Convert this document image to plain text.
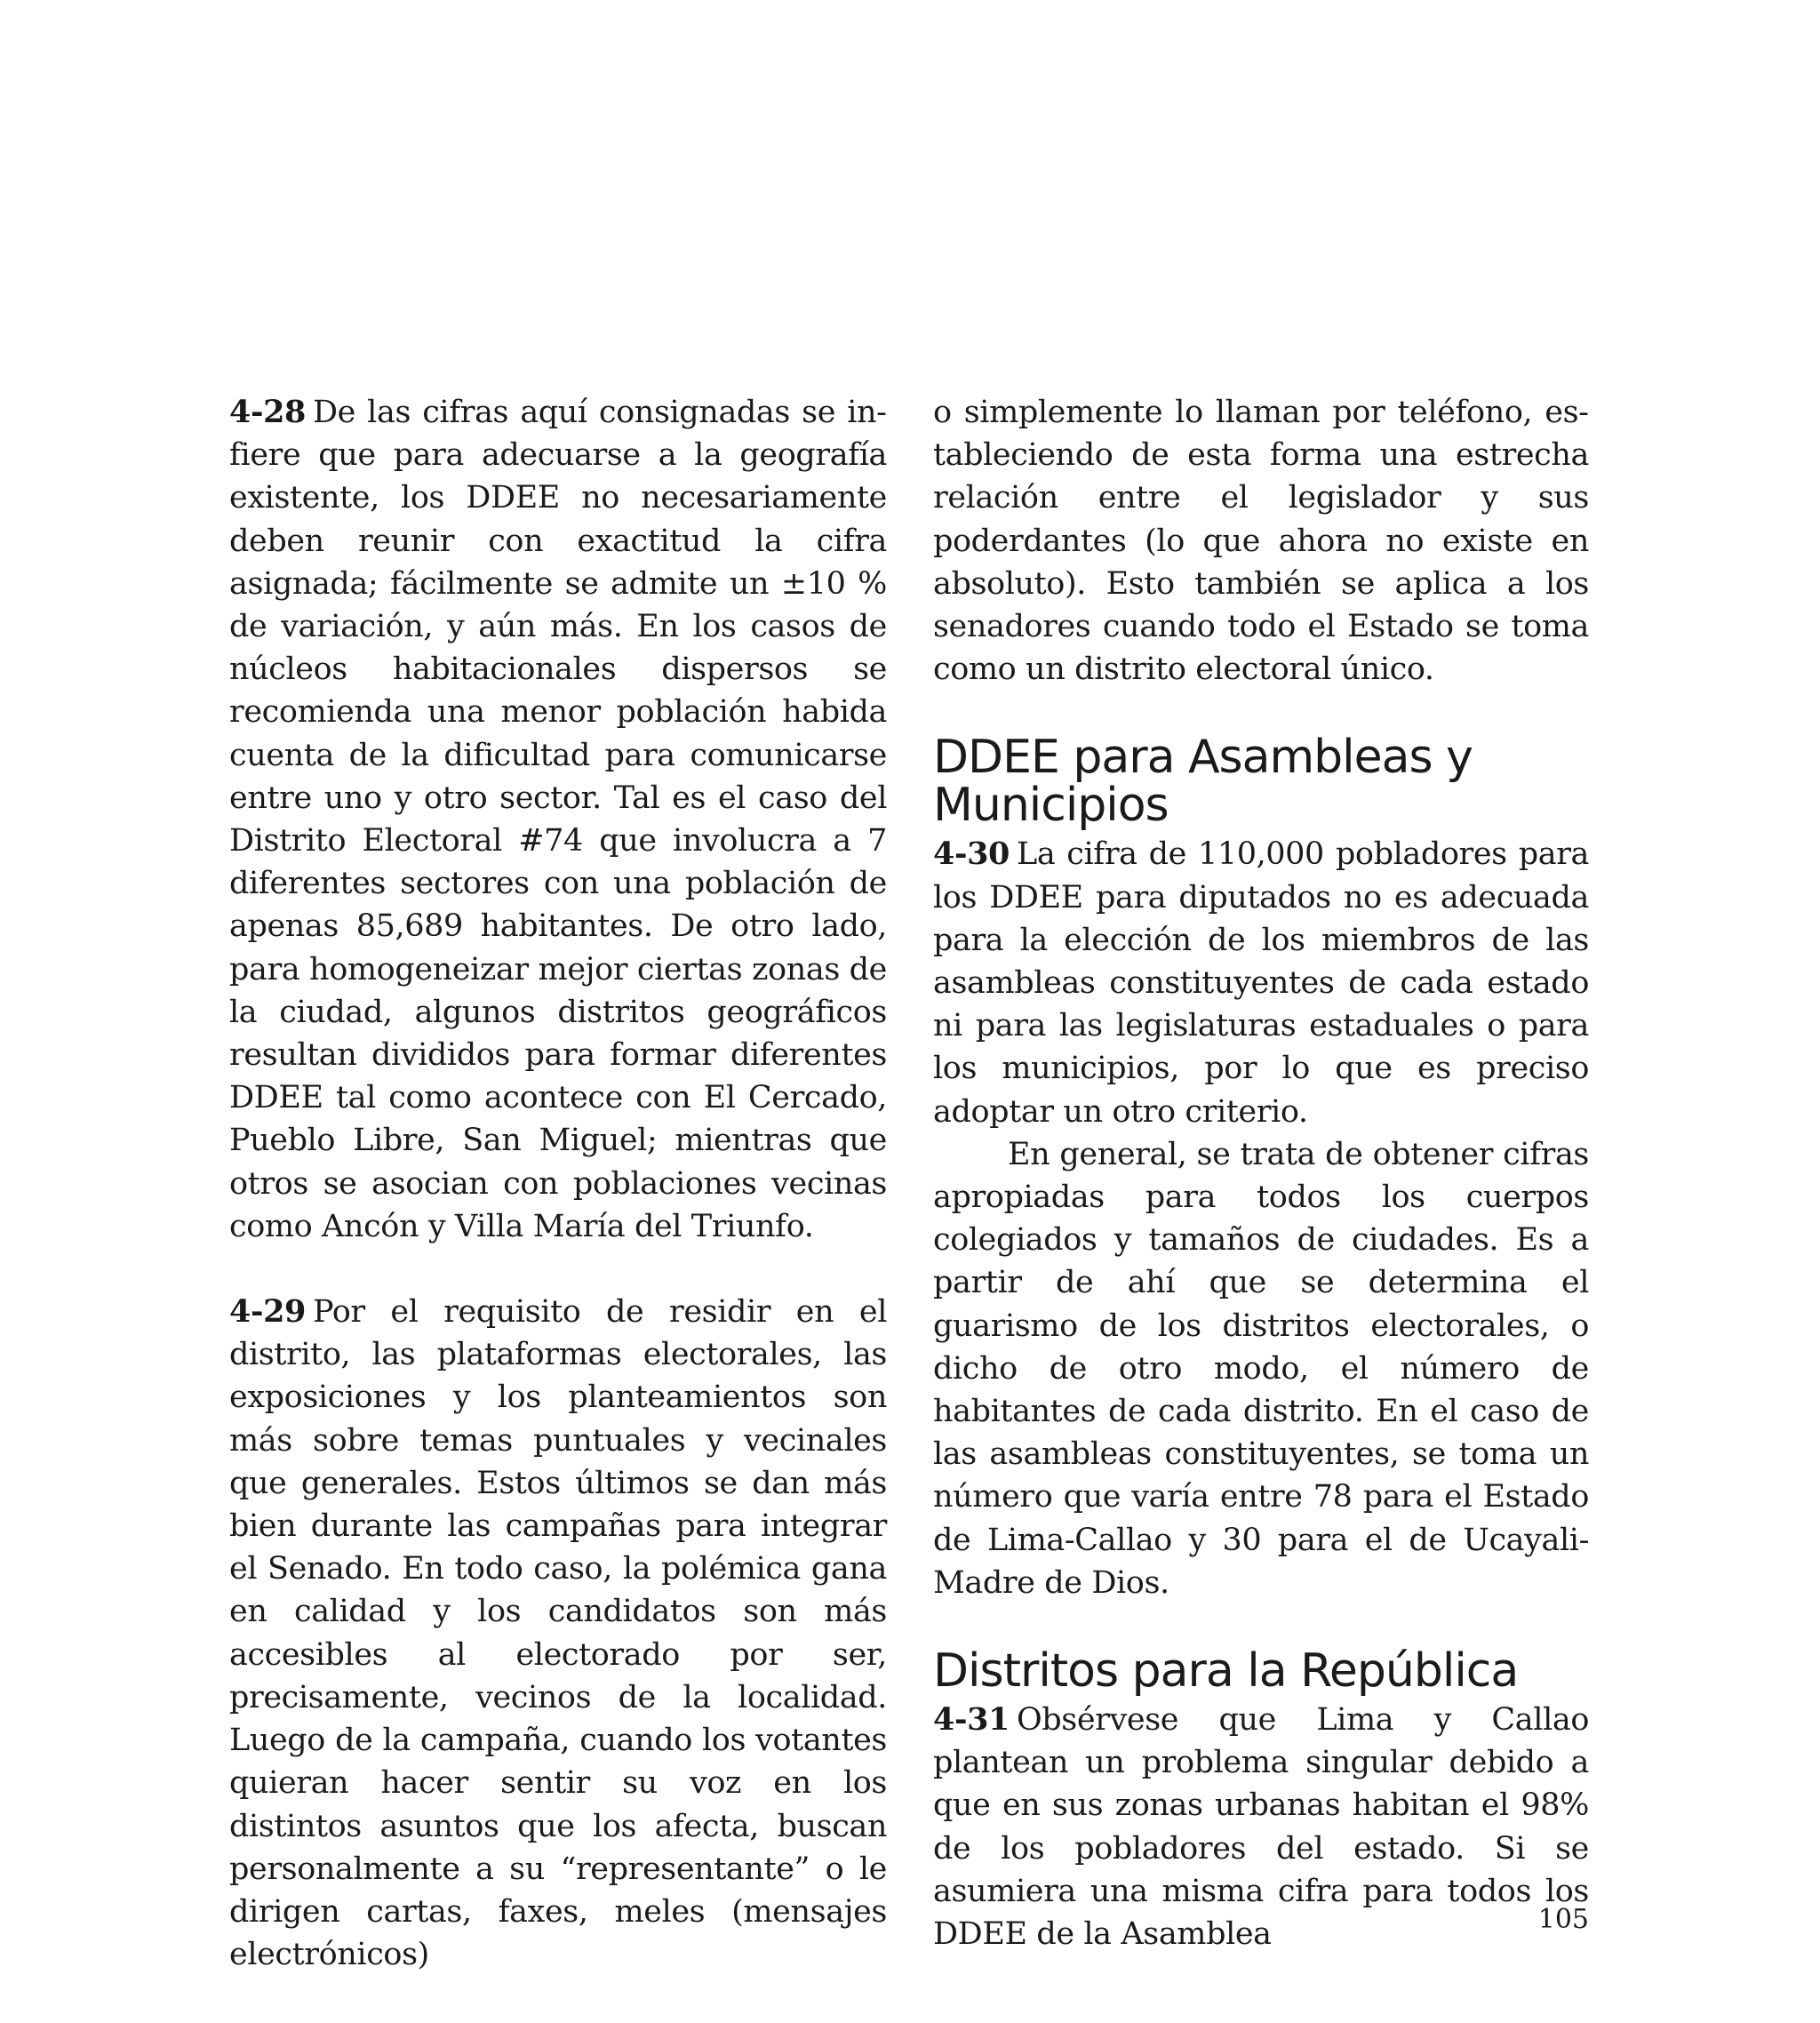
4-28 De las cifras aquí consignadas se infiere que para adecuarse a la geografía existente, los DDEE no necesariamente deben reunir con exactitud la cifra asignada; fácilmente se admite un ±10 % de variación, y aún más. En los casos de núcleos habitacionales dispersos se recomienda una menor población habida cuenta de la dificultad para comunicarse entre uno y otro sector. Tal es el caso del Distrito Electoral #74 que involucra a 7 diferentes sectores con una población de apenas 85,689 habitantes. De otro lado, para homogeneizar mejor ciertas zonas de la ciudad, algunos distritos geográficos resultan divididos para formar diferentes DDEE tal como acontece con El Cercado, Pueblo Libre, San Miguel; mientras que otros se asocian con poblaciones vecinas como Ancón y Villa María del Triunfo.

4-29 Por el requisito de residir en el distrito, las plataformas electorales, las exposiciones y los planteamientos son más sobre temas puntuales y vecinales que generales. Estos últimos se dan más bien durante las campañas para integrar el Senado. En todo caso, la polémica gana en calidad y los candidatos son más accesibles al electorado por ser, precisamente, vecinos de la localidad. Luego de la campaña, cuando los votantes quieran hacer sentir su voz en los distintos asuntos que los afecta, buscan personalmente a su “representante” o le dirigen cartas, faxes, meles (mensajes electrónicos)

o simplemente lo llaman por teléfono, estableciendo de esta forma una estrecha relación entre el legislador y sus poderdantes (lo que ahora no existe en absoluto). Esto también se aplica a los senadores cuando todo el Estado se toma como un distrito electoral único.

DDEE para Asambleas y Municipios

4-30 La cifra de 110,000 pobladores para los DDEE para diputados no es adecuada para la elección de los miembros de las asambleas constituyentes de cada estado ni para las legislaturas estaduales o para los municipios, por lo que es preciso adoptar un otro criterio.

En general, se trata de obtener cifras apropiadas para todos los cuerpos colegiados y tamaños de ciudades. Es a partir de ahí que se determina el guarismo de los distritos electorales, o dicho de otro modo, el número de habitantes de cada distrito. En el caso de las asambleas constituyentes, se toma un número que varía entre 78 para el Estado de Lima-Callao y 30 para el de Ucayali-Madre de Dios.

Distritos para la República

4-31 Obsérvese que Lima y Callao plantean un problema singular debido a que en sus zonas urbanas habitan el 98% de los pobladores del estado. Si se asumiera una misma cifra para todos los DDEE de la Asamblea	105
